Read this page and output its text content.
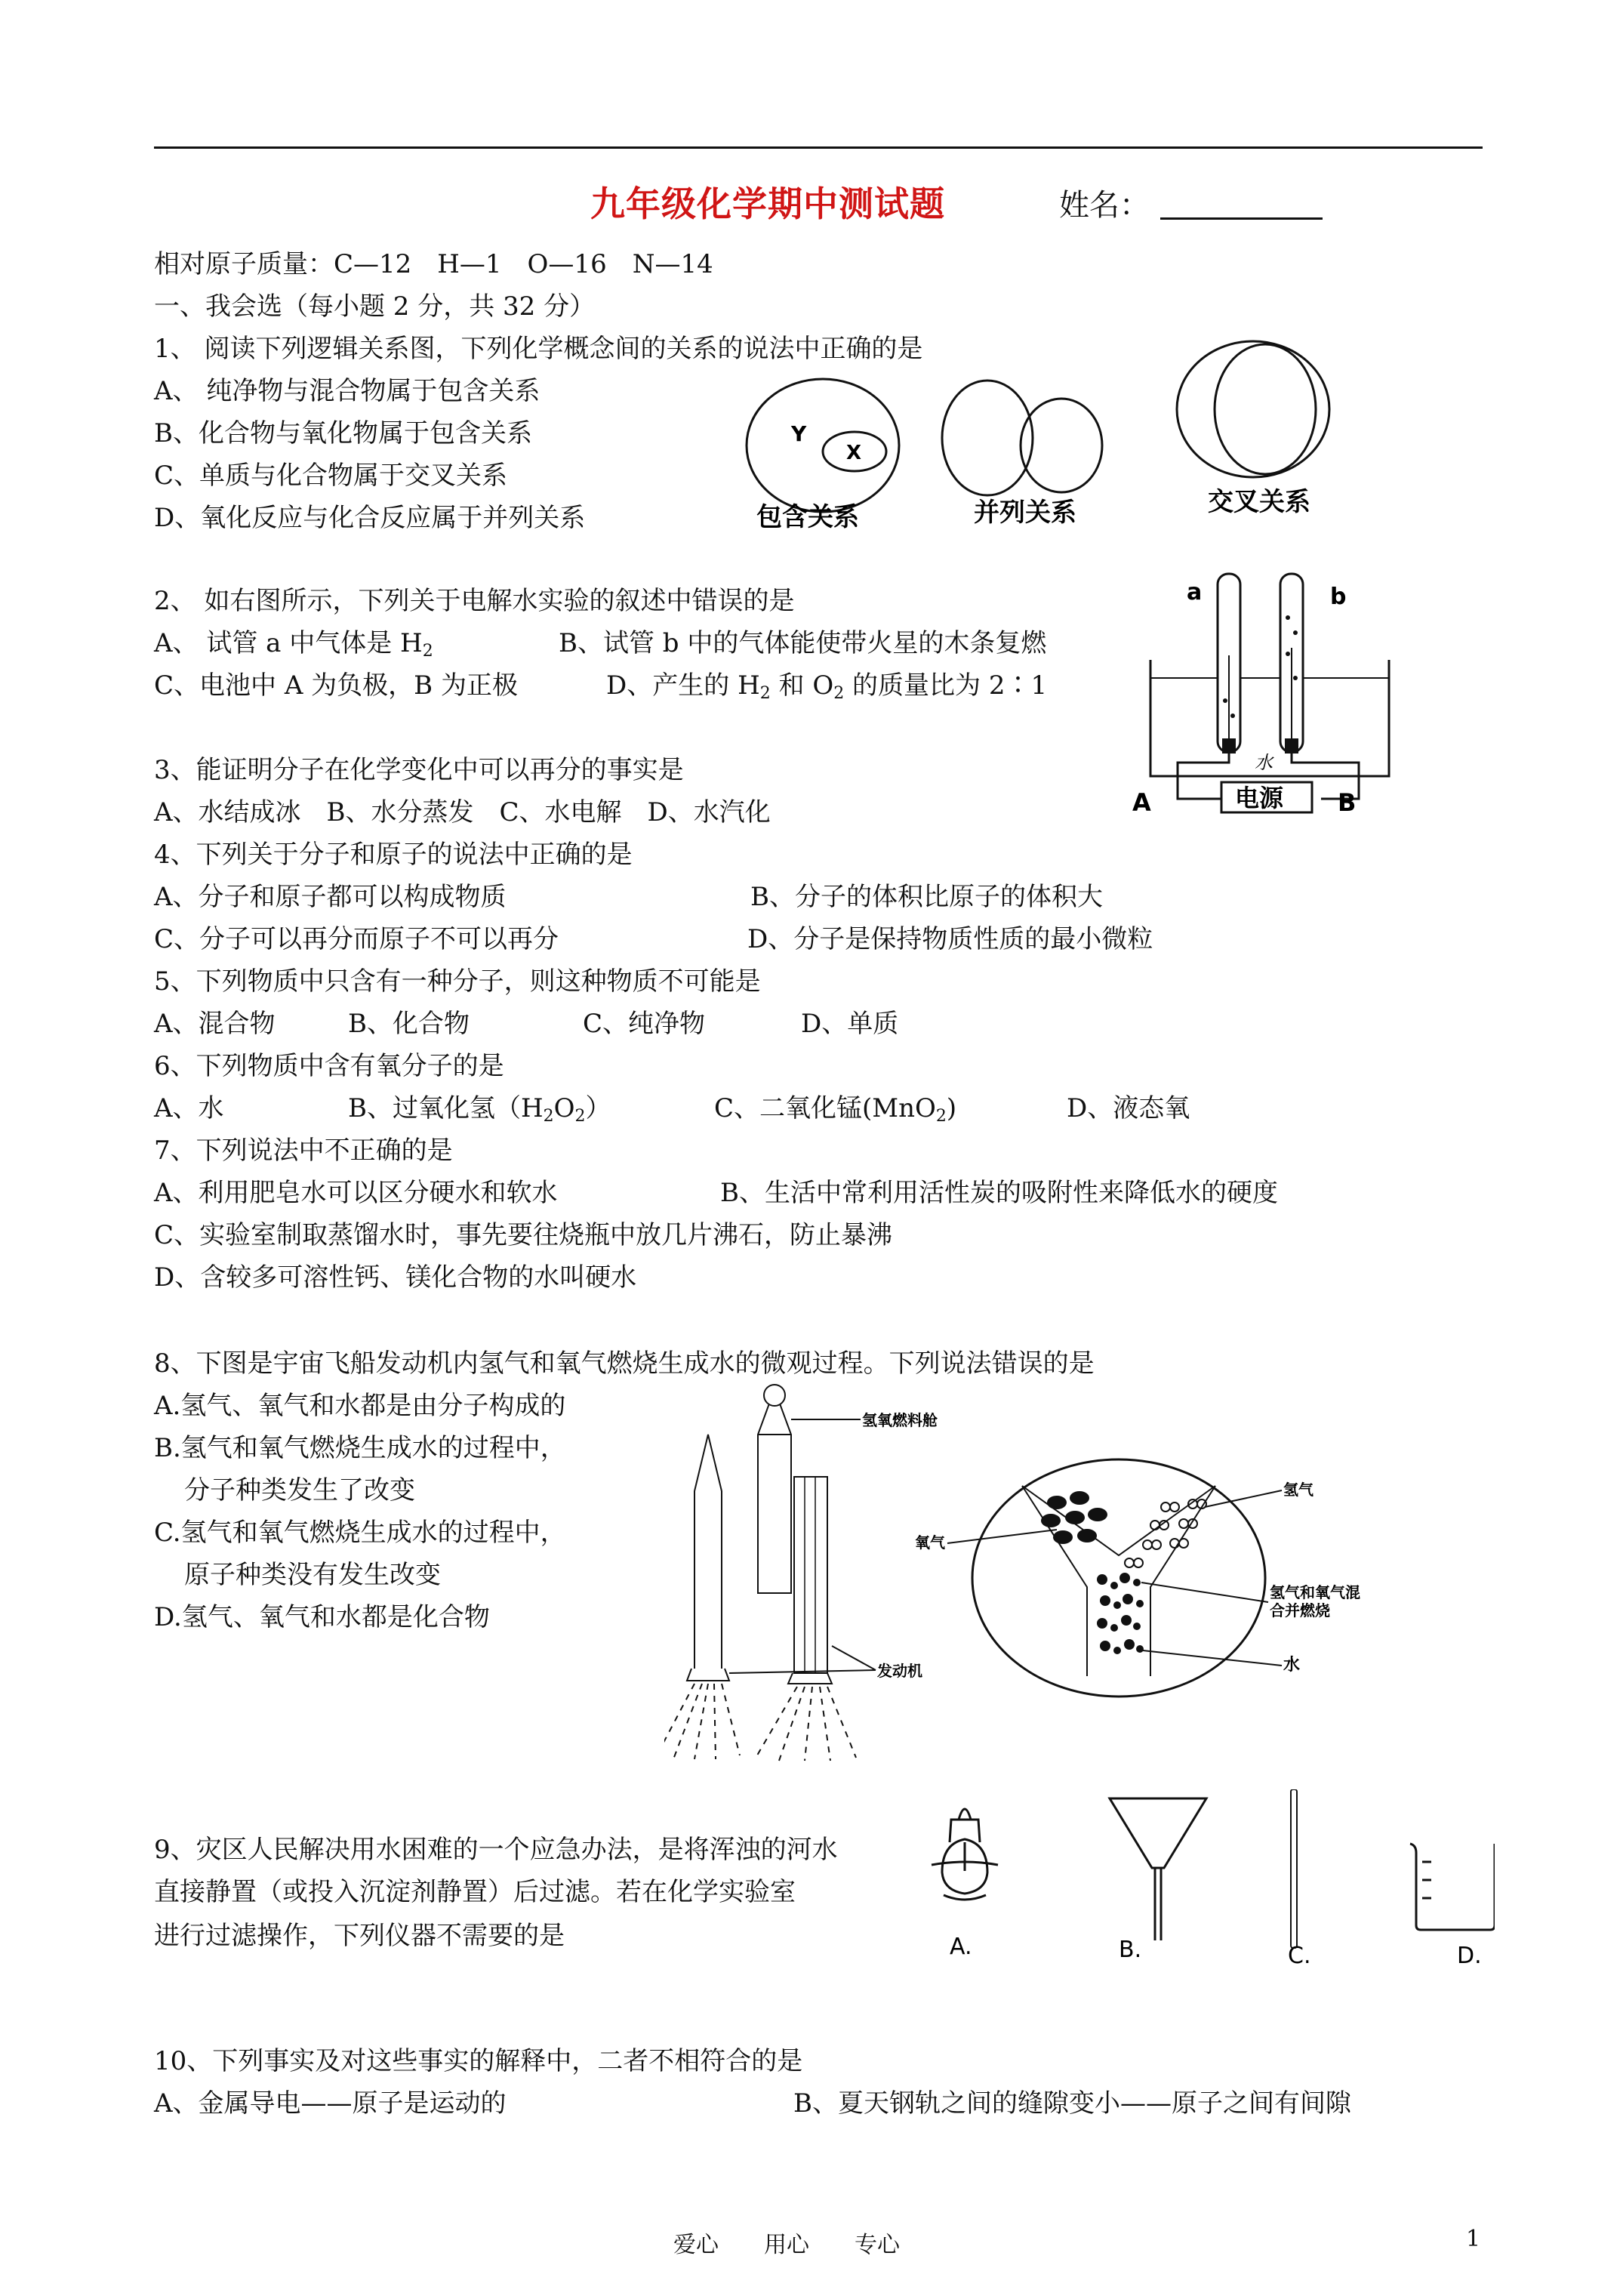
九年级化学期中测试题	姓名：
相对原子质量：C—12　H—1　O—16　N—14
一、我会选（每小题 2 分，共 32 分）
1、 阅读下列逻辑关系图，下列化学概念间的关系的说法中正确的是
A、 纯净物与混合物属于包含关系
B、化合物与氧化物属于包含关系
C、单质与化合物属于交叉关系
D、氧化反应与化合反应属于并列关系
Y
X
包含关系	并列关系	交叉关系
2、 如右图所示，下列关于电解水实验的叙述中错误的是
A、 试管 a 中气体是 $H_2$	B、试管 b 中的气体能使带火星的木条复燃
C、电池中 A 为负极，B 为正极	D、产生的 $H_2$ 和 $O_2$ 的质量比为 2∶1
a	b
水
电源
A	B
3、能证明分子在化学变化中可以再分的事实是
A、水结成冰　B、水分蒸发　C、水电解　D、水汽化
4、下列关于分子和原子的说法中正确的是
A、分子和原子都可以构成物质	B、分子的体积比原子的体积大
C、分子可以再分而原子不可以再分	D、分子是保持物质性质的最小微粒
5、下列物质中只含有一种分子，则这种物质不可能是
A、混合物	B、化合物	C、纯净物	D、单质
6、下列物质中含有氧分子的是
A、水	B、过氧化氢$(H_2O_2)$	C、二氧化锰(MnO$_2$)	D、液态氧
7、下列说法中不正确的是
A、利用肥皂水可以区分硬水和软水	B、生活中常利用活性炭的吸附性来降低水的硬度
C、实验室制取蒸馏水时，事先要往烧瓶中放几片沸石，防止暴沸
D、含较多可溶性钙、镁化合物的水叫硬水
8、下图是宇宙飞船发动机内氢气和氧气燃烧生成水的微观过程。下列说法错误的是
A.氢气、氧气和水都是由分子构成的
B.氢气和氧气燃烧生成水的过程中，
分子种类发生了改变
C.氢气和氧气燃烧生成水的过程中，
原子种类没有发生改变
D.氢气、氧气和水都是化合物
氢氧燃料舱
发动机
氧气
氢气
氢气和氧气混
合并燃烧
水
9、灾区人民解决用水困难的一个应急办法，是将浑浊的河水
直接静置（或投入沉淀剂静置）后过滤。若在化学实验室
进行过滤操作，下列仪器不需要的是	A.	B.	C.	D.
10、下列事实及对这些事实的解释中，二者不相符合的是
A、金属导电——原子是运动的	B、夏天钢轨之间的缝隙变小——原子之间有间隙
爱心　　用心　　专心	1
